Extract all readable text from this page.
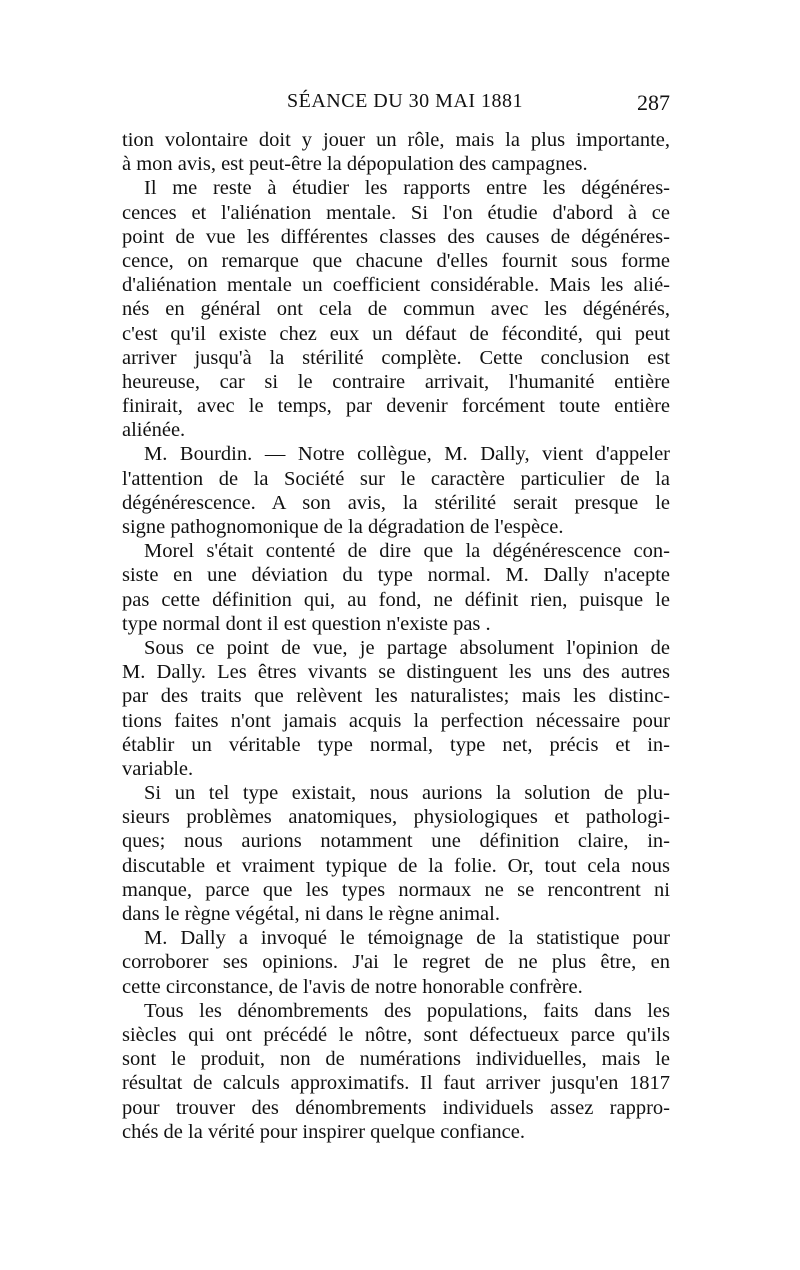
SÉANCE DU 30 MAI 1881	287
tion volontaire doit y jouer un rôle, mais la plus importante,
à mon avis, est peut-être la dépopulation des campagnes.
Il me reste à étudier les rapports entre les dégénéres-
cences et l'aliénation mentale. Si l'on étudie d'abord à ce
point de vue les différentes classes des causes de dégénéres-
cence, on remarque que chacune d'elles fournit sous forme
d'aliénation mentale un coefficient considérable. Mais les alié-
nés en général ont cela de commun avec les dégénérés,
c'est qu'il existe chez eux un défaut de fécondité, qui peut
arriver jusqu'à la stérilité complète. Cette conclusion est
heureuse, car si le contraire arrivait, l'humanité entière
finirait, avec le temps, par devenir forcément toute entière
aliénée.
M. Bourdin. — Notre collègue, M. Dally, vient d'appeler
l'attention de la Société sur le caractère particulier de la
dégénérescence. A son avis, la stérilité serait presque le
signe pathognomonique de la dégradation de l'espèce.
Morel s'était contenté de dire que la dégénérescence con-
siste en une déviation du type normal. M. Dally n'acepte
pas cette définition qui, au fond, ne définit rien, puisque le
type normal dont il est question n'existe pas .
Sous ce point de vue, je partage absolument l'opinion de
M. Dally. Les êtres vivants se distinguent les uns des autres
par des traits que relèvent les naturalistes; mais les distinc-
tions faites n'ont jamais acquis la perfection nécessaire pour
établir un véritable type normal, type net, précis et in-
variable.
Si un tel type existait, nous aurions la solution de plu-
sieurs problèmes anatomiques, physiologiques et pathologi-
ques; nous aurions notamment une définition claire, in-
discutable et vraiment typique de la folie. Or, tout cela nous
manque, parce que les types normaux ne se rencontrent ni
dans le règne végétal, ni dans le règne animal.
M. Dally a invoqué le témoignage de la statistique pour
corroborer ses opinions. J'ai le regret de ne plus être, en
cette circonstance, de l'avis de notre honorable confrère.
Tous les dénombrements des populations, faits dans les
siècles qui ont précédé le nôtre, sont défectueux parce qu'ils
sont le produit, non de numérations individuelles, mais le
résultat de calculs approximatifs. Il faut arriver jusqu'en 1817
pour trouver des dénombrements individuels assez rappro-
chés de la vérité pour inspirer quelque confiance.
